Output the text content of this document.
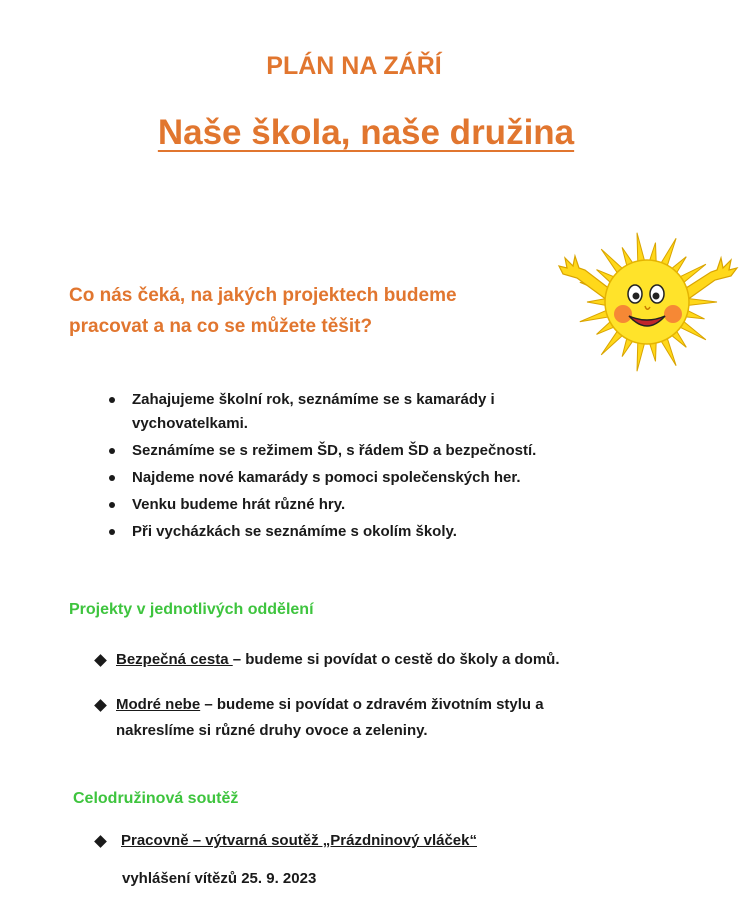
PLÁN NA ZÁŘÍ
Naše škola, naše družina
Co nás čeká, na jakých projektech budeme
pracovat a na co se můžete těšit?
Zahajujeme školní rok, seznámíme se s kamarády i vychovatelkami.
Seznámíme se s režimem ŠD, s řádem ŠD a bezpečností.
Najdeme nové kamarády s pomoci společenských her.
Venku budeme hrát různé hry.
Při vycházkách se seznámíme s okolím školy.
Projekty v jednotlivých oddělení
Bezpečná cesta – budeme si povídat o cestě do školy a domů.
Modré nebe – budeme si povídat o zdravém životním stylu a nakreslíme si různé druhy ovoce a zeleniny.
Celodružinová soutěž
Pracovně – výtvarná soutěž „Prázdninový vláček“
vyhlášení vítězů 25. 9. 2023
